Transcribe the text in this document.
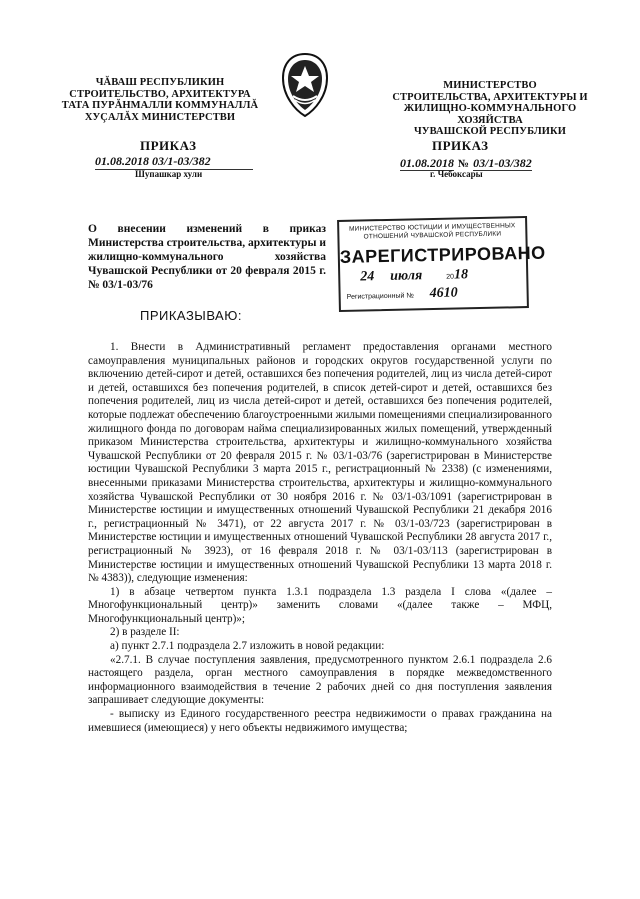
ЧĂВАШ РЕСПУБЛИКИН
СТРОИТЕЛЬСТВО, АРХИТЕКТУРА
ТАТА ПУРĂНМАЛЛИ КОММУНАЛЛĂ
ХУÇАЛĂХ МИНИСТЕРСТВИ
МИНИСТЕРСТВО
СТРОИТЕЛЬСТВА, АРХИТЕКТУРЫ И
ЖИЛИЩНО-КОММУНАЛЬНОГО ХОЗЯЙСТВА
ЧУВАШСКОЙ РЕСПУБЛИКИ
ПРИКАЗ	ПРИКАЗ
01.08.2018 03/1-03/382
Шупашкар хули
01.08.2018 № 03/1-03/382
г. Чебоксары
О внесении изменений в приказ Министерства строительства, архитектуры и жилищно-коммунального хозяйства Чувашской Республики от 20 февраля 2015 г. № 03/1-03/76
МИНИСТЕРСТВО ЮСТИЦИИ И ИМУЩЕСТВЕННЫХ
ОТНОШЕНИЙ ЧУВАШСКОЙ РЕСПУБЛИКИ
ЗАРЕГИСТРИРОВАНО
24 июля	2018
Регистрационный № 4610
ПРИКАЗЫВАЮ:

1. Внести в Административный регламент предоставления органами местного самоуправления муниципальных районов и городских округов государственной услуги по включению детей-сирот и детей, оставшихся без попечения родителей, лиц из числа детей-сирот и детей, оставшихся без попечения родителей, в список детей-сирот и детей, оставшихся без попечения родителей, лиц из числа детей-сирот и детей, оставшихся без попечения родителей, которые подлежат обеспечению благоустроенными жилыми помещениями специализированного жилищного фонда по договорам найма специализированных жилых помещений, утвержденный приказом Министерства строительства, архитектуры и жилищно-коммунального хозяйства Чувашской Республики от 20 февраля 2015 г. № 03/1-03/76 (зарегистрирован в Министерстве юстиции Чувашской Республики 3 марта 2015 г., регистрационный № 2338) (с изменениями, внесенными приказами Министерства строительства, архитектуры и жилищно-коммунального хозяйства Чувашской Республики от 30 ноября 2016 г. № 03/1-03/1091 (зарегистрирован в Министерстве юстиции и имущественных отношений Чувашской Республики 21 декабря 2016 г., регистрационный № 3471), от 22 августа 2017 г. № 03/1-03/723 (зарегистрирован в Министерстве юстиции и имущественных отношений Чувашской Республики 28 августа 2017 г., регистрационный № 3923), от 16 февраля 2018 г. № 03/1-03/113 (зарегистрирован в Министерстве юстиции и имущественных отношений Чувашской Республики 13 марта 2018 г. № 4383)), следующие изменения:

1) в абзаце четвертом пункта 1.3.1 подраздела 1.3 раздела I слова «(далее – Многофункциональный центр)» заменить словами «(далее также – МФЦ, Многофункциональный центр)»;

2) в разделе II:

а) пункт 2.7.1 подраздела 2.7 изложить в новой редакции:

«2.7.1. В случае поступления заявления, предусмотренного пунктом 2.6.1 подраздела 2.6 настоящего раздела, орган местного самоуправления в порядке межведомственного информационного взаимодействия в течение 2 рабочих дней со дня поступления заявления запрашивает следующие документы:

- выписку из Единого государственного реестра недвижимости о правах гражданина на имевшиеся (имеющиеся) у него объекты недвижимого имущества;
